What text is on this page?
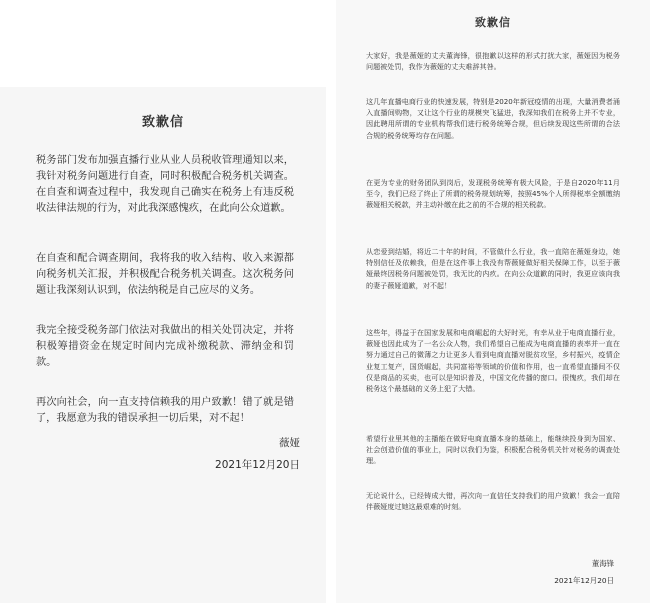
致歉信

税务部门发布加强直播行业从业人员税收管理通知以来，我针对税务问题进行自查，同时积极配合税务机关调查。在自查和调查过程中，我发现自己确实在税务上有违反税收法律法规的行为，对此我深感愧疚，在此向公众道歉。

在自查和配合调查期间，我将我的收入结构、收入来源都向税务机关汇报，并积极配合税务机关调查。这次税务问题让我深刻认识到，依法纳税是自己应尽的义务。

我完全接受税务部门依法对我做出的相关处罚决定，并将积极筹措资金在规定时间内完成补缴税款、滞纳金和罚款。

再次向社会，向一直支持信赖我的用户致歉！错了就是错了，我愿意为我的错误承担一切后果，对不起！

薇娅
2021年12月20日
致歉信

大家好，我是薇娅的丈夫董海锋，很抱歉以这样的形式打扰大家，薇娅因为税务问题被处罚，我作为薇娅的丈夫难辞其咎。

这几年直播电商行业的快速发展，特别是2020年新冠疫情的出现，大量消费者涌入直播间购物，又让这个行业的规模突飞猛进，我深知我们在税务上并不专业，因此聘用所谓的专业机构帮我们进行税务统筹合规，但后续发现这些所谓的合法合规的税务统筹均存在问题。

在更为专业的财务团队到岗后，发现税务统筹有极大风险，于是自2020年11月至今，我们已经了终止了所谓的税务规划统筹，按照45%个人所得税率全额缴纳薇娅相关税款，并主动补缴在此之前的不合规的相关税款。

从恋爱到结婚，将近二十年的时间，不管做什么行业，我一直陪在薇娅身边，她特别信任及依赖我，但是在这件事上我没有帮薇娅做好相关保障工作，以至于薇娅最终因税务问题被处罚，我无比的内疚。在向公众道歉的同时，我更应该向我的妻子薇娅道歉，对不起！

这些年，得益于在国家发展和电商崛起的大好时光，有幸从业于电商直播行业，薇娅也因此成为了一名公众人物，我们希望自己能成为电商直播的表率并一直在努力通过自己的微薄之力让更多人看到电商直播对脱贫攻坚，乡村振兴，疫情企业复工复产，国货崛起，共同富裕等领域的价值和作用，也一直希望直播间不仅仅是商品的买卖，也可以是知识普及，中国文化传播的窗口。很愧疚，我们却在税务这个最基础的义务上犯了大错。

希望行业里其他的主播能在做好电商直播本身的基础上，能继续投身到为国家、社会创造价值的事业上，同时以我们为鉴，积极配合税务机关针对税务的调查处理。

无论说什么，已经铸成大错，再次向一直信任支持我们的用户致歉！我会一直陪伴薇娅度过她这最艰难的时刻。

董海锋
2021年12月20日
